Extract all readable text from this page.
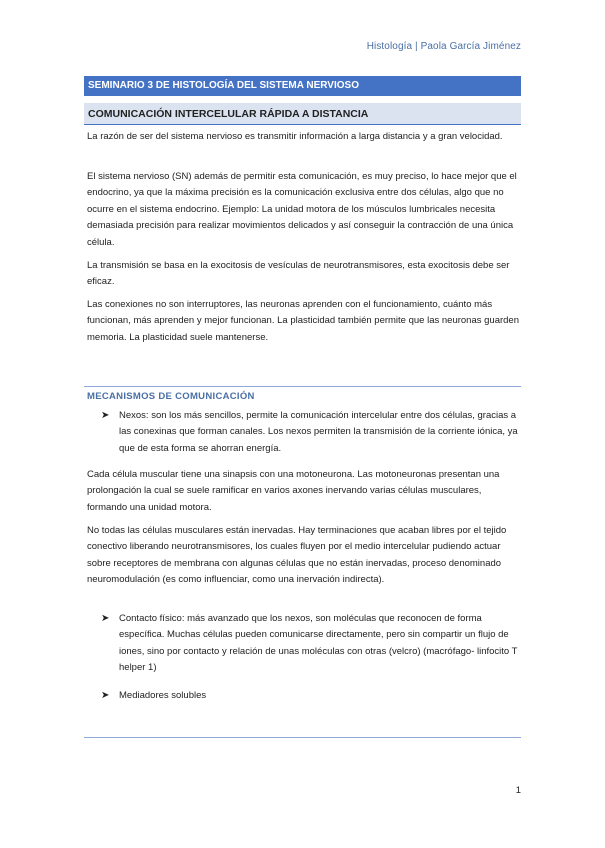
Histología | Paola García Jiménez
SEMINARIO 3 DE HISTOLOGÍA DEL SISTEMA NERVIOSO
COMUNICACIÓN INTERCELULAR RÁPIDA A DISTANCIA

La razón de ser del sistema nervioso es transmitir información a larga distancia y a gran velocidad.

El sistema nervioso (SN) además de permitir esta comunicación, es muy preciso, lo hace mejor que el endocrino, ya que la máxima precisión es la comunicación exclusiva entre dos células, algo que no ocurre en el sistema endocrino. Ejemplo: La unidad motora de los músculos lumbricales necesita demasiada precisión para realizar movimientos delicados y así conseguir la contracción de una única célula.

La transmisión se basa en la exocitosis de vesículas de neurotransmisores, esta exocitosis debe ser eficaz.

Las conexiones no son interruptores, las neuronas aprenden con el funcionamiento, cuánto más funcionan, más aprenden y mejor funcionan. La plasticidad también permite que las neuronas guarden memoria. La plasticidad suele mantenerse.

MECANISMOS DE COMUNICACIÓN
➤ Nexos: son los más sencillos, permite la comunicación intercelular entre dos células, gracias a las conexinas que forman canales. Los nexos permiten la transmisión de la corriente iónica, ya que de esta forma se ahorran energía.

Cada célula muscular tiene una sinapsis con una motoneurona. Las motoneuronas presentan una prolongación la cual se suele ramificar en varios axones inervando varias células musculares, formando una unidad motora.

No todas las células musculares están inervadas. Hay terminaciones que acaban libres por el tejido conectivo liberando neurotransmisores, los cuales fluyen por el medio intercelular pudiendo actuar sobre receptores de membrana con algunas células que no están inervadas, proceso denominado neuromodulación (es como influenciar, como una inervación indirecta).

➤ Contacto físico: más avanzado que los nexos, son moléculas que reconocen de forma específica. Muchas células pueden comunicarse directamente, pero sin compartir un flujo de iones, sino por contacto y relación de unas moléculas con otras (velcro) (macrófago- linfocito T helper 1)
➤ Mediadores solubles
1
